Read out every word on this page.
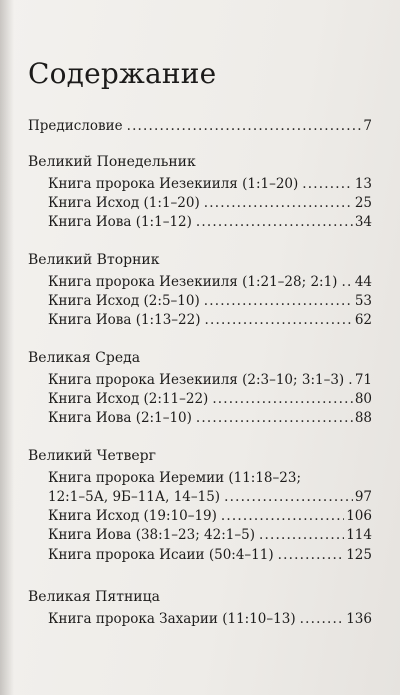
Содержание
Предисловие .....	7
Великий Понедельник
Книга пророка Иезекииля (1:1–20) .....	13
Книга Исход (1:1–20) .....	25
Книга Иова (1:1–12) .....	34
Великий Вторник
Книга пророка Иезекииля (1:21–28; 2:1) ..... 44
Книга Исход (2:5–10) .....	53
Книга Иова (1:13–22) .....	62
Великая Среда
Книга пророка Иезекииля (2:3–10; 3:1–3) ..... 71
Книга Исход (2:11–22) .....	80
Книга Иова (2:1–10) .....	88
Великий Четверг
Книга пророка Иеремии (11:18–23;
12:1–5А, 9Б–11А, 14–15) .....	97
Книга Исход (19:10–19) .....	106
Книга Иова (38:1–23; 42:1–5) .....	114
Книга пророка Исаии (50:4–11) .....	125
Великая Пятница
Книга пророка Захарии (11:10–13) .....	136
